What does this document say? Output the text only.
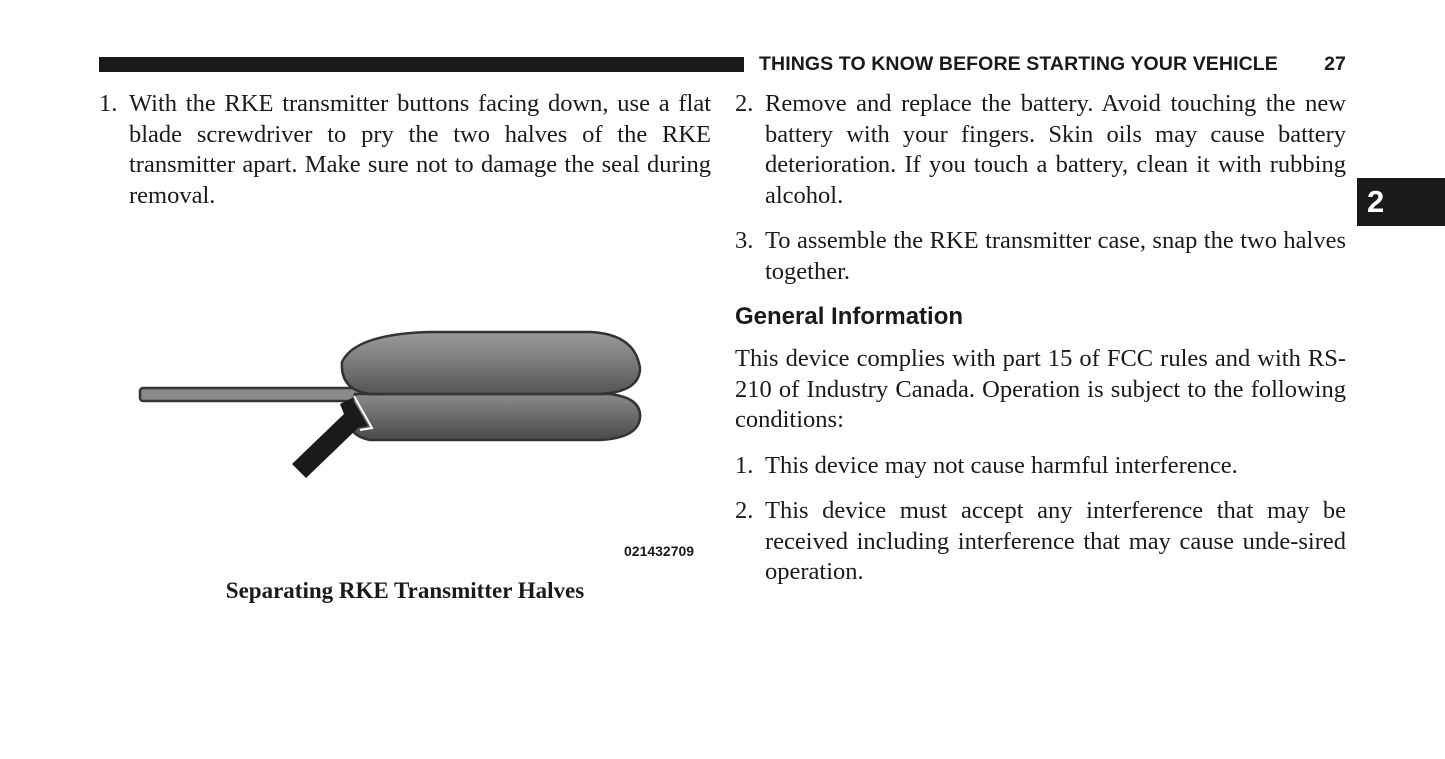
THINGS TO KNOW BEFORE STARTING YOUR VEHICLE 27
2
1. With the RKE transmitter buttons facing down, use a flat blade screwdriver to pry the two halves of the RKE transmitter apart. Make sure not to damage the seal during removal.
021432709
Separating RKE Transmitter Halves
2. Remove and replace the battery. Avoid touching the new battery with your fingers. Skin oils may cause battery deterioration. If you touch a battery, clean it with rubbing alcohol.
3. To assemble the RKE transmitter case, snap the two halves together.
General Information
This device complies with part 15 of FCC rules and with RS-210 of Industry Canada. Operation is subject to the following conditions:
1. This device may not cause harmful interference.
2. This device must accept any interference that may be received including interference that may cause unde-sired operation.
